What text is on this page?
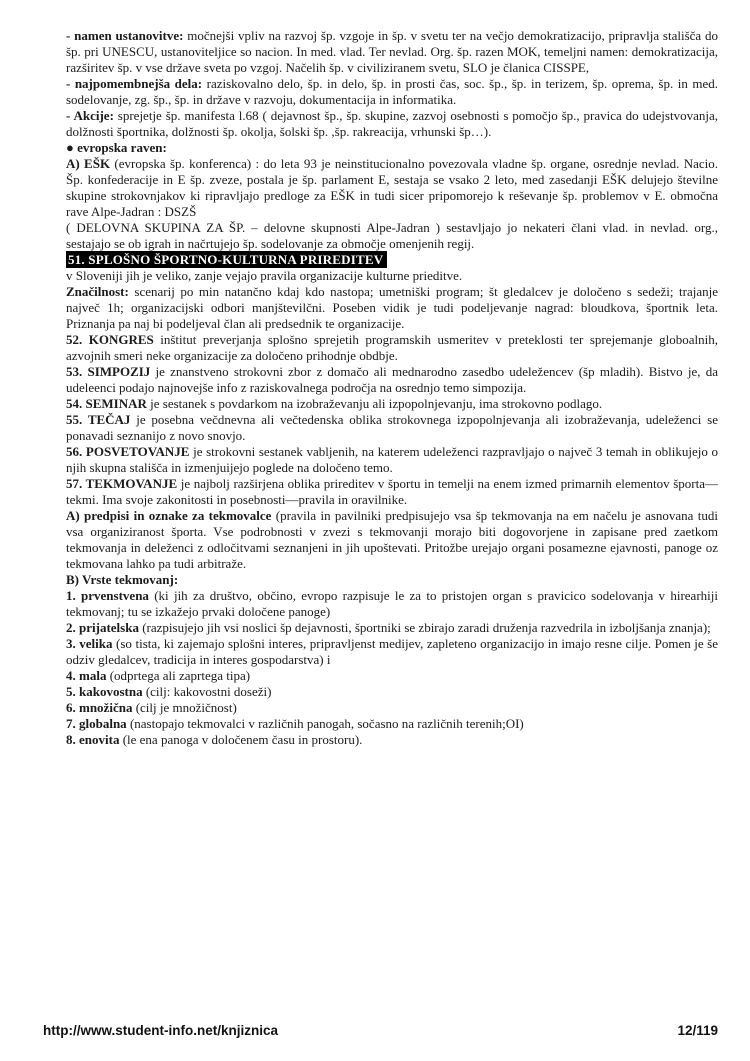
- namen ustanovitve: močnejši vpliv na razvoj šp. vzgoje in šp. v svetu ter na večjo demokratizacijo, pripravlja stališča do šp. pri UNESCU, ustanoviteljice so nacion. In med. vlad. Ter nevlad. Org. šp. razen MOK, temeljni namen: demokratizacija, razširitev šp. v vse države sveta po vzgoj. Načelih šp. v civiliziranem svetu, SLO je članica CISSPE,

- najpomembnejša dela: raziskovalno delo, šp. in delo, šp. in prosti čas, soc. šp., šp. in terizem, šp. oprema, šp. in med. sodelovanje, zg. šp., šp. in države v razvoju, dokumentacija in informatika.

- Akcije: sprejetje šp. manifesta l.68 ( dejavnost šp., šp. skupine, zazvoj osebnosti s pomočjo šp., pravica do udejstvovanja, dolžnosti športnika, dolžnosti šp. okolja, šolski šp. ,šp. rakreacija, vrhunski šp…).

● evropska raven:

A) EŠK (evropska šp. konferenca) : do leta 93 je neinstitucionalno povezovala vladne šp. organe, osrednje nevlad. Nacio. Šp. konfederacije in E šp. zveze, postala je šp. parlament E, sestaja se vsako 2 leto, med zasedanji EŠK delujejo številne skupine strokovnjakov ki ripravljajo predloge za EŠK in tudi sicer pripomorejo k reševanje šp. problemov v E. območna rave Alpe-Jadran : DSZŠ

( DELOVNA SKUPINA ZA ŠP. – delovne skupnosti Alpe-Jadran ) sestavljajo jo nekateri člani vlad. in nevlad. org., sestajajo se ob igrah in načrtujejo šp. sodelovanje za območje omenjenih regij.

51. SPLOŠNO ŠPORTNO-KULTURNA PRIREDITEV

v Sloveniji jih je veliko, zanje vejajo pravila organizacije kulturne prieditve.

Značilnost: scenarij po min natančno kdaj kdo nastopa; umetniški program; št gledalcev je določeno s sedeži; trajanje največ 1h; organizacijski odbori manjštevilčni. Poseben vidik je tudi podeljevanje nagrad: bloudkova, športnik leta. Priznanja pa naj bi podeljeval član ali predsednik te organizacije.

52. KONGRES inštitut preverjanja splošno sprejetih programskih usmeritev v preteklosti ter sprejemanje globoalnih, azvojnih smeri neke organizacije za določeno prihodnje obdbje.

53. SIMPOZIJ je znanstveno strokovni zbor z domačo ali mednarodno zasedbo udeležencev (šp mladih). Bistvo je, da udeleenci podajo najnovejše info z raziskovalnega področja na osrednjo temo simpozija.

54. SEMINAR je sestanek s povdarkom na izobraževanju ali izpopolnjevanju, ima strokovno podlago.

55. TEČAJ je posebna večdnevna ali večtedenska oblika strokovnega izpopolnjevanja ali izobraževanja, udeleženci se ponavadi seznanijo z novo snovjo.

56. POSVETOVANJE je strokovni sestanek vabljenih, na katerem udeleženci razpravljajo o največ 3 temah in oblikujejo o njih skupna stališča in izmenjuijejo poglede na določeno temo.

57. TEKMOVANJE je najbolj razširjena oblika prireditev v športu in temelji na enem izmed primarnih elementov športa—tekmi. Ima svoje zakonitosti in posebnosti—pravila in oravilnike.

A) predpisi in oznake za tekmovalce (pravila in pavilniki predpisujejo vsa šp tekmovanja na em načelu je asnovana tudi vsa organiziranost športa. Vse podrobnosti v zvezi s tekmovanji morajo biti dogovorjene in zapisane pred zaetkom tekmovanja in deleženci z odločitvami seznanjeni in jih upoštevati. Pritožbe urejajo organi posamezne ejavnosti, panoge oz tekmovana lahko pa tudi arbitraže.

B) Vrste tekmovanj:

1. prvenstvena (ki jih za društvo, občino, evropo razpisuje le za to pristojen organ s pravicico sodelovanja v hirearhiji tekmovanj; tu se izkažejo prvaki določene panoge)

2. prijatelska (razpisujejo jih vsi noslici šp dejavnosti, športniki se zbirajo zaradi druženja razvedrila in izboljšanja znanja);

3. velika (so tista, ki zajemajo splošni interes, pripravljenst medijev, zapleteno organizacijo in imajo resne cilje. Pomen je še odziv gledalcev, tradicija in interes gospodarstva) i

4. mala (odprtega ali zaprtega tipa)

5. kakovostna (cilj: kakovostni doseži)

6. množična (cilj je množičnost)

7. globalna (nastopajo tekmovalci v različnih panogah, sočasno na različnih terenih;OI)

8. enovita (le ena panoga v določenem času in prostoru).

http://www.student-info.net/knjiznica	12/119
